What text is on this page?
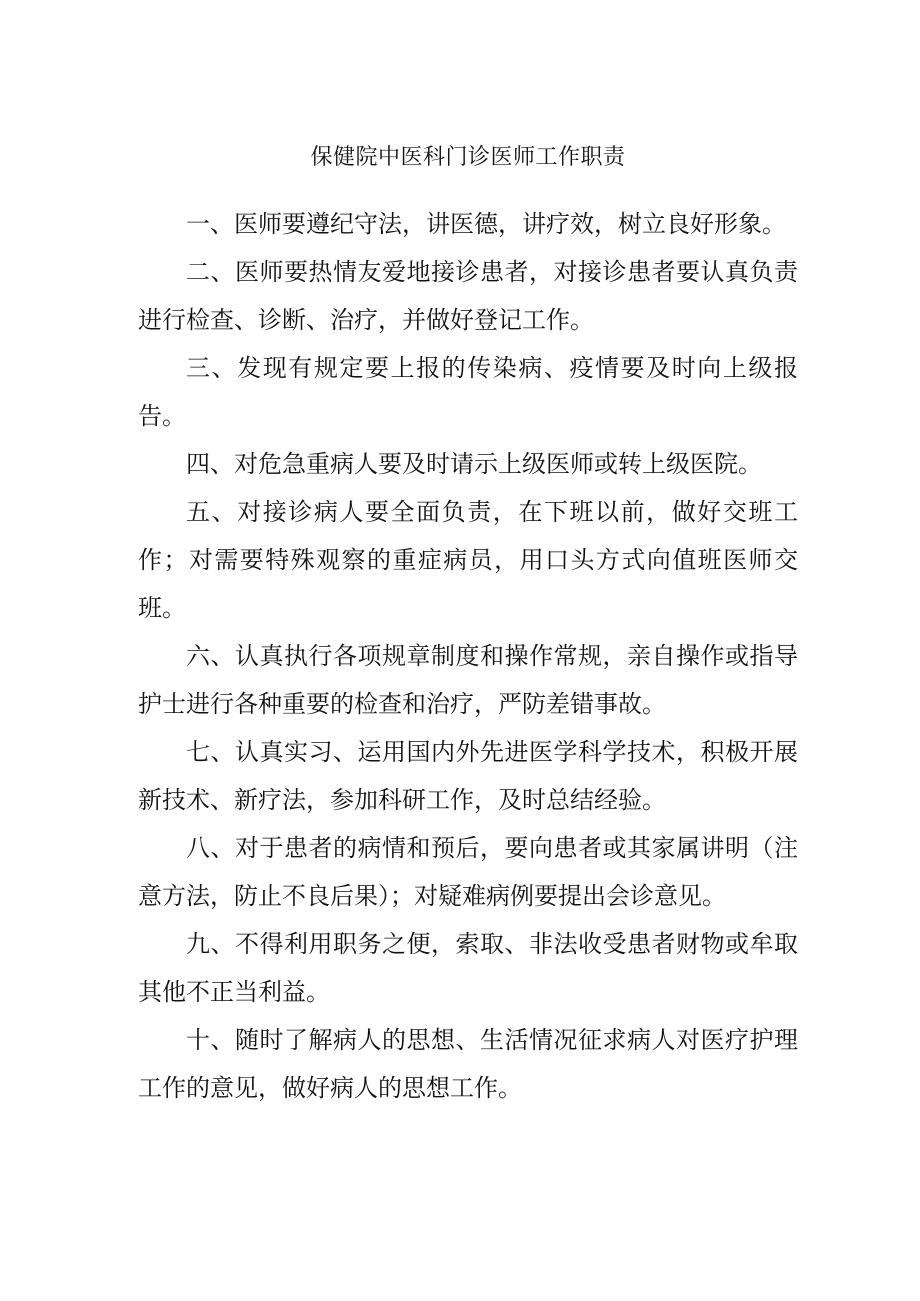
保健院中医科门诊医师工作职责

一、医师要遵纪守法，讲医德，讲疗效，树立良好形象。

二、医师要热情友爱地接诊患者，对接诊患者要认真负责进行检查、诊断、治疗，并做好登记工作。

三、发现有规定要上报的传染病、疫情要及时向上级报告。

四、对危急重病人要及时请示上级医师或转上级医院。

五、对接诊病人要全面负责，在下班以前，做好交班工作；对需要特殊观察的重症病员，用口头方式向值班医师交班。

六、认真执行各项规章制度和操作常规，亲自操作或指导护士进行各种重要的检查和治疗，严防差错事故。

七、认真实习、运用国内外先进医学科学技术，积极开展新技术、新疗法，参加科研工作，及时总结经验。

八、对于患者的病情和预后，要向患者或其家属讲明（注意方法，防止不良后果）；对疑难病例要提出会诊意见。

九、不得利用职务之便，索取、非法收受患者财物或牟取其他不正当利益。

十、随时了解病人的思想、生活情况征求病人对医疗护理工作的意见，做好病人的思想工作。
